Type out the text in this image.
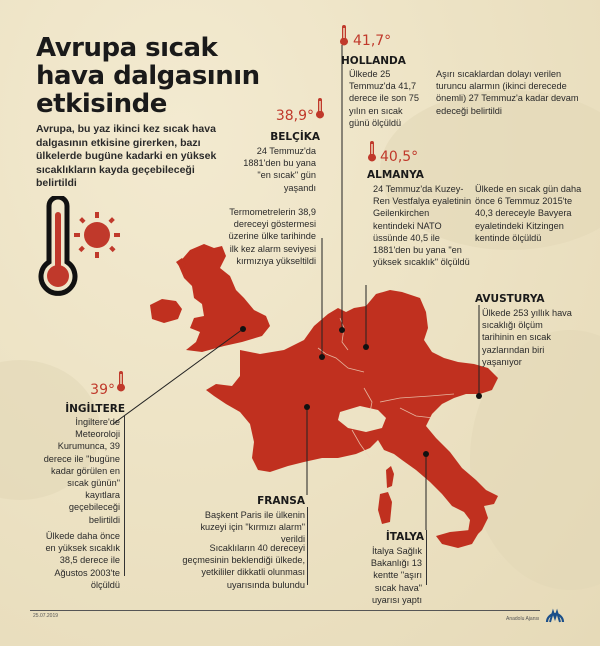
Avrupa sıcak hava dalgasının etkisinde
Avrupa, bu yaz ikinci kez sıcak hava dalgasının etkisine girerken, bazı ülkelerde bugüne kadarki en yüksek sıcaklıkların kayda geçebileceği belirtildi
41,7°
HOLLANDA
Ülkede 25 Temmuz'da 41,7 derece ile son 75 yılın en sıcak günü ölçüldü
Aşırı sıcaklardan dolayı verilen turuncu alarmın (ikinci derecede önemli) 27 Temmuz'a kadar devam edeceği belirtildi
38,9°
BELÇİKA
24 Temmuz'da 1881'den bu yana "en sıcak" gün yaşandı
Termometrelerin 38,9 dereceyi göstermesi üzerine ülke tarihinde ilk kez alarm seviyesi kırmızıya yükseltildi
40,5°
ALMANYA
24 Temmuz'da Kuzey-Ren Vestfalya eyaletinin Geilenkirchen kentindeki NATO üssünde 40,5 ile 1881'den bu yana "en yüksek sıcaklık" ölçüldü
Ülkede en sıcak gün daha önce 6 Temmuz 2015'te 40,3 dereceyle Bavyera eyaletindeki Kitzingen kentinde ölçüldü
AVUSTURYA
Ülkede 253 yıllık hava sıcaklığı ölçüm tarihinin en sıcak yazlarından biri yaşanıyor
39°
İNGİLTERE
İngiltere'de Meteoroloji Kurumunca, 39 derece ile "bugüne kadar görülen en sıcak günün" kayıtlara geçebileceği belirtildi
Ülkede daha önce en yüksek sıcaklık 38,5 derece ile Ağustos 2003'te ölçüldü
FRANSA
Başkent Paris ile ülkenin kuzeyi için "kırmızı alarm" verildi
Sıcaklıların 40 dereceyi geçmesinin beklendiği ülkede, yetkililer dikkatli olunması uyarısında bulundu
İTALYA
İtalya Sağlık Bakanlığı 13 kentte "aşırı sıcak hava" uyarısı yaptı
25.07.2019	Anadolu Ajansı
